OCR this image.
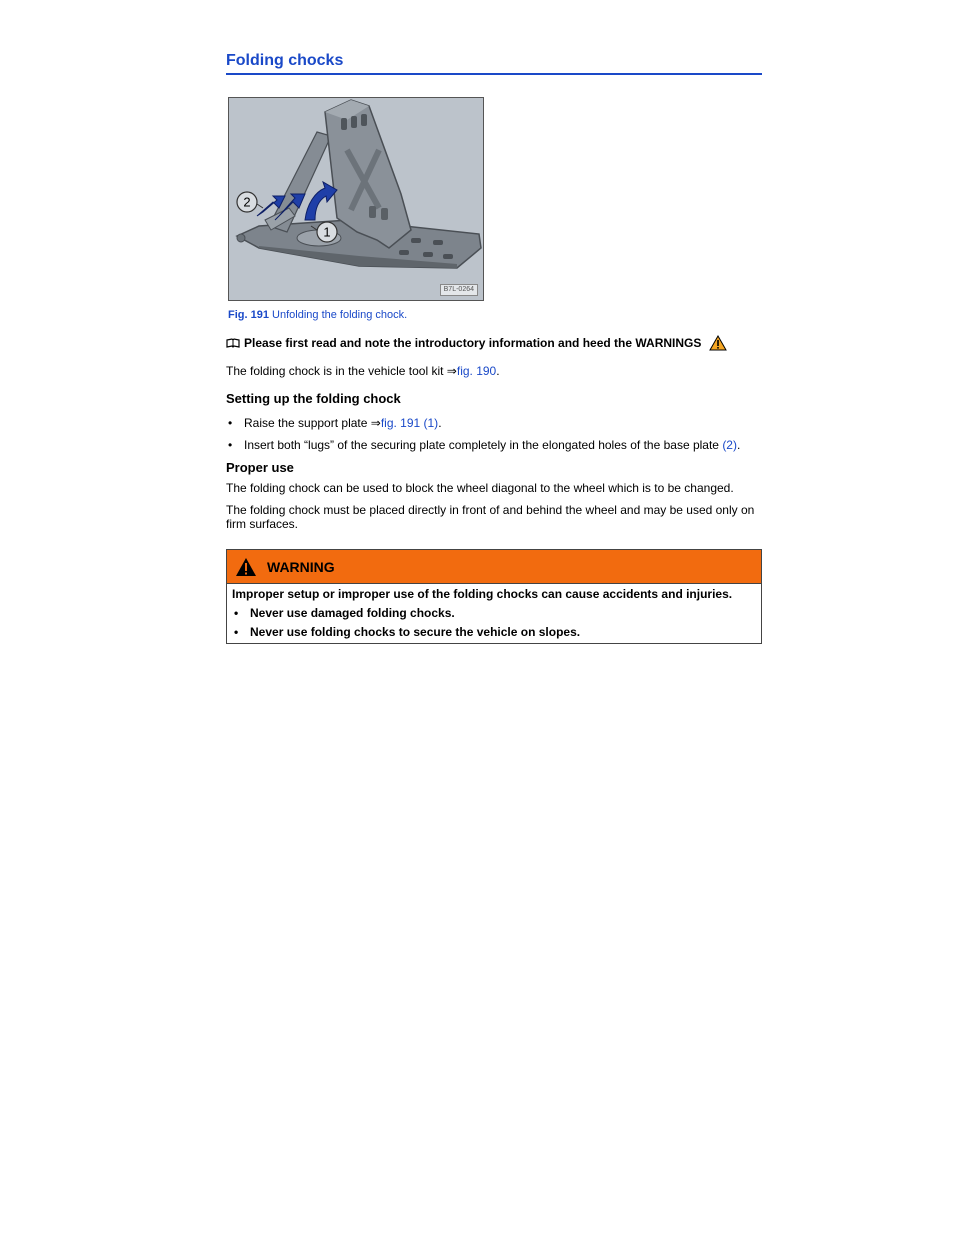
Folding chocks
2
1
B7L-0264
Fig. 191 Unfolding the folding chock.

Please first read and note the introductory information and heed the WARNINGS

The folding chock is in the vehicle tool kit ⇒fig. 190.

Setting up the folding chock
• Raise the support plate ⇒fig. 191 (1).
• Insert both “lugs” of the securing plate completely in the elongated holes of the base plate (2).
Proper use

The folding chock can be used to block the wheel diagonal to the wheel which is to be changed.

The folding chock must be placed directly in front of and behind the wheel and may be used only on firm surfaces.

WARNING

Improper setup or improper use of the folding chocks can cause accidents and injuries.

• Never use damaged folding chocks.
• Never use folding chocks to secure the vehicle on slopes.
